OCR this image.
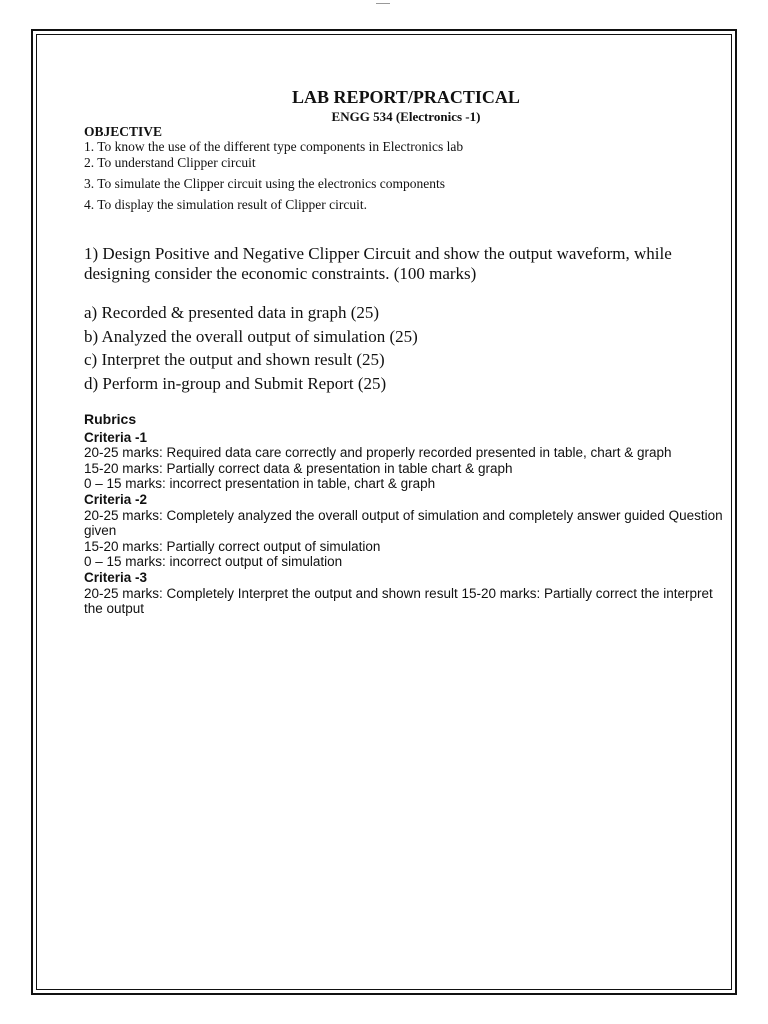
LAB REPORT/PRACTICAL
ENGG 534 (Electronics -1)
OBJECTIVE
1. To know the use of the different type components in Electronics lab
2. To understand Clipper circuit
3. To simulate the Clipper circuit using the electronics components
4. To display the simulation result of Clipper circuit.

1) Design Positive and Negative Clipper Circuit and show the output waveform, while designing consider the economic constraints. (100 marks)

a) Recorded & presented data in graph (25)
b) Analyzed the overall output of simulation (25)
c) Interpret the output and shown result (25)
d) Perform in-group and Submit Report (25)

Rubrics

Criteria -1

20-25 marks: Required data care correctly and properly recorded presented in table, chart & graph

15-20 marks: Partially correct data & presentation in table chart & graph

0 – 15 marks: incorrect presentation in table, chart & graph

Criteria -2

20-25 marks: Completely analyzed the overall output of simulation and completely answer guided Question given

15-20 marks: Partially correct output of simulation

0 – 15 marks: incorrect output of simulation

Criteria -3

20-25 marks: Completely Interpret the output and shown result 15-20 marks: Partially correct the interpret the output
